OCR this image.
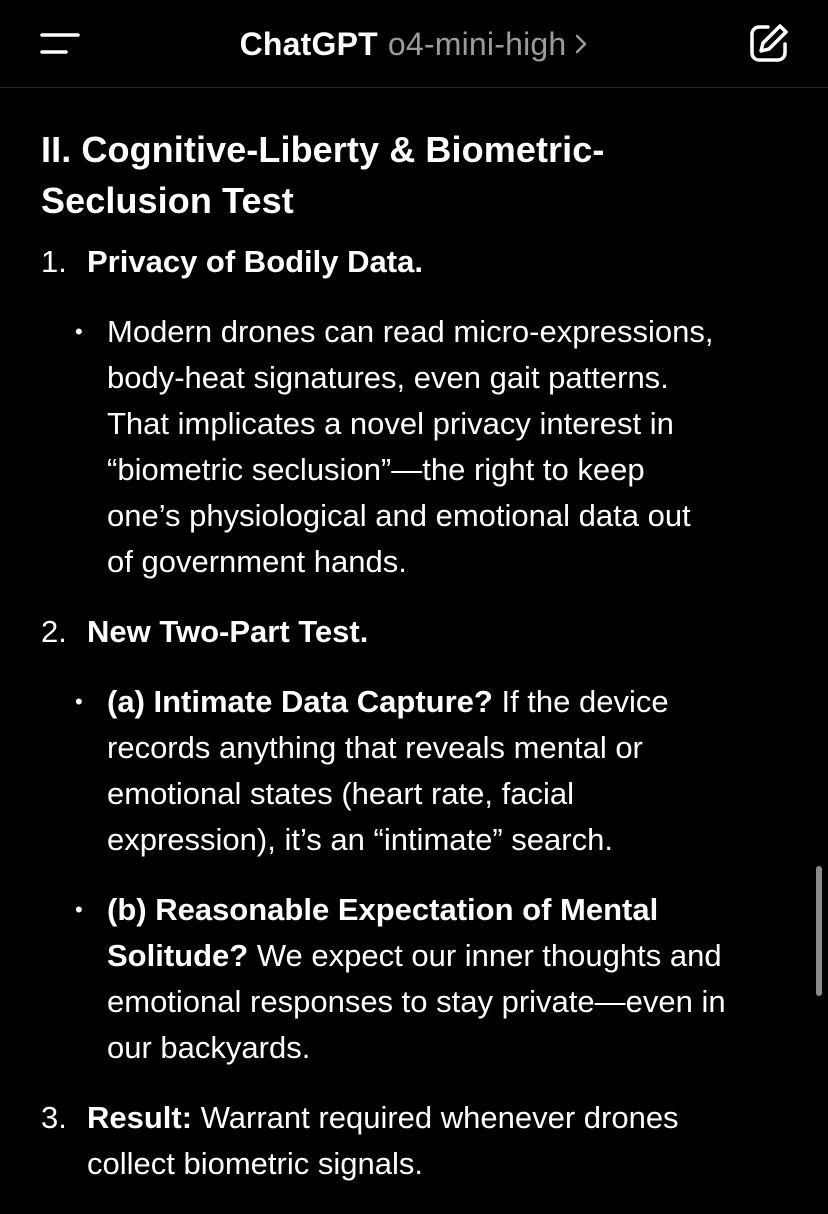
ChatGPT o4-mini-high
II. Cognitive-Liberty & Biometric-
Seclusion Test
1. Privacy of Bodily Data.
• Modern drones can read micro-expressions,
body-heat signatures, even gait patterns.
That implicates a novel privacy interest in
“biometric seclusion”—the right to keep
one’s physiological and emotional data out
of government hands.
2. New Two-Part Test.
• (a) Intimate Data Capture? If the device
records anything that reveals mental or
emotional states (heart rate, facial
expression), it’s an “intimate” search.
• (b) Reasonable Expectation of Mental
Solitude? We expect our inner thoughts and
emotional responses to stay private—even in
our backyards.
3. Result: Warrant required whenever drones
collect biometric signals.
